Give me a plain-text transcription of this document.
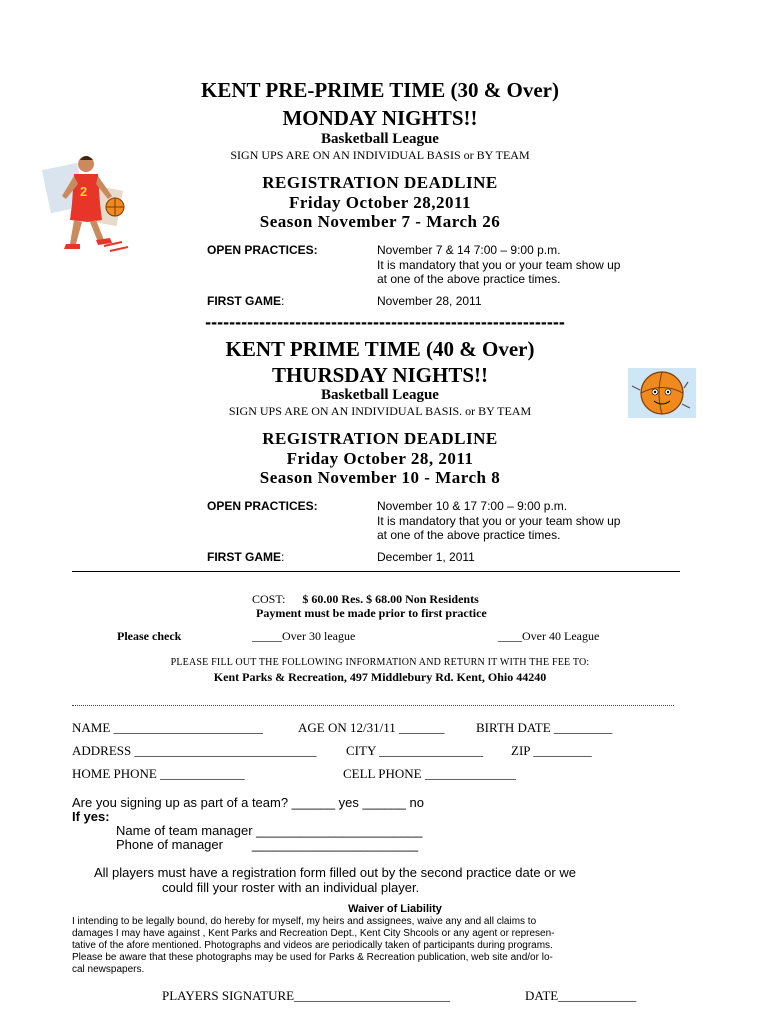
2
KENT PRE-PRIME TIME (30 & Over)
MONDAY NIGHTS!!
Basketball League
SIGN UPS ARE ON AN INDIVIDUAL BASIS or BY TEAM
REGISTRATION DEADLINE
Friday October 28,2011
Season November 7 - March 26
OPEN PRACTICES:	November 7 & 14 7:00 – 9:00 p.m.
It is mandatory that you or your team show up
at one of the above practice times.
FIRST GAME:	November 28, 2011
------------------------------------------------------------
KENT PRIME TIME (40 & Over)
THURSDAY NIGHTS!!
Basketball League
SIGN UPS ARE ON AN INDIVIDUAL BASIS. or BY TEAM
REGISTRATION DEADLINE
Friday October 28, 2011
Season November 10 - March 8
OPEN PRACTICES:	November 10 & 17 7:00 – 9:00 p.m.
It is mandatory that you or your team show up
at one of the above practice times.
FIRST GAME:	December 1, 2011
COST: $ 60.00 Res. $ 68.00 Non Residents
Payment must be made prior to first practice
Please check	_____Over 30 league	____Over 40 League
PLEASE FILL OUT THE FOLLOWING INFORMATION AND RETURN IT WITH THE FEE TO:
Kent Parks & Recreation, 497 Middlebury Rd. Kent, Ohio 44240
NAME _______________________	AGE ON 12/31/11 _______ BIRTH DATE _________
ADDRESS ____________________________ CITY ________________ ZIP _________
HOME PHONE _____________	CELL PHONE ______________
Are you signing up as part of a team? ______ yes ______ no
If yes:
Name of team manager _______________________
Phone of manager        _______________________
All players must have a registration form filled out by the second practice date or we
could fill your roster with an individual player.
Waiver of Liability
I intending to be legally bound, do hereby for myself, my heirs and assignees, waive any and all claims to
damages I may have against , Kent Parks and Recreation Dept., Kent City Shcools or any agent or represen-
tative of the afore mentioned. Photographs and videos are periodically taken of participants during programs.
Please be aware that these photographs may be used for Parks & Recreation publication, web site and/or lo-
cal newspapers.
PLAYERS SIGNATURE________________________	DATE____________
